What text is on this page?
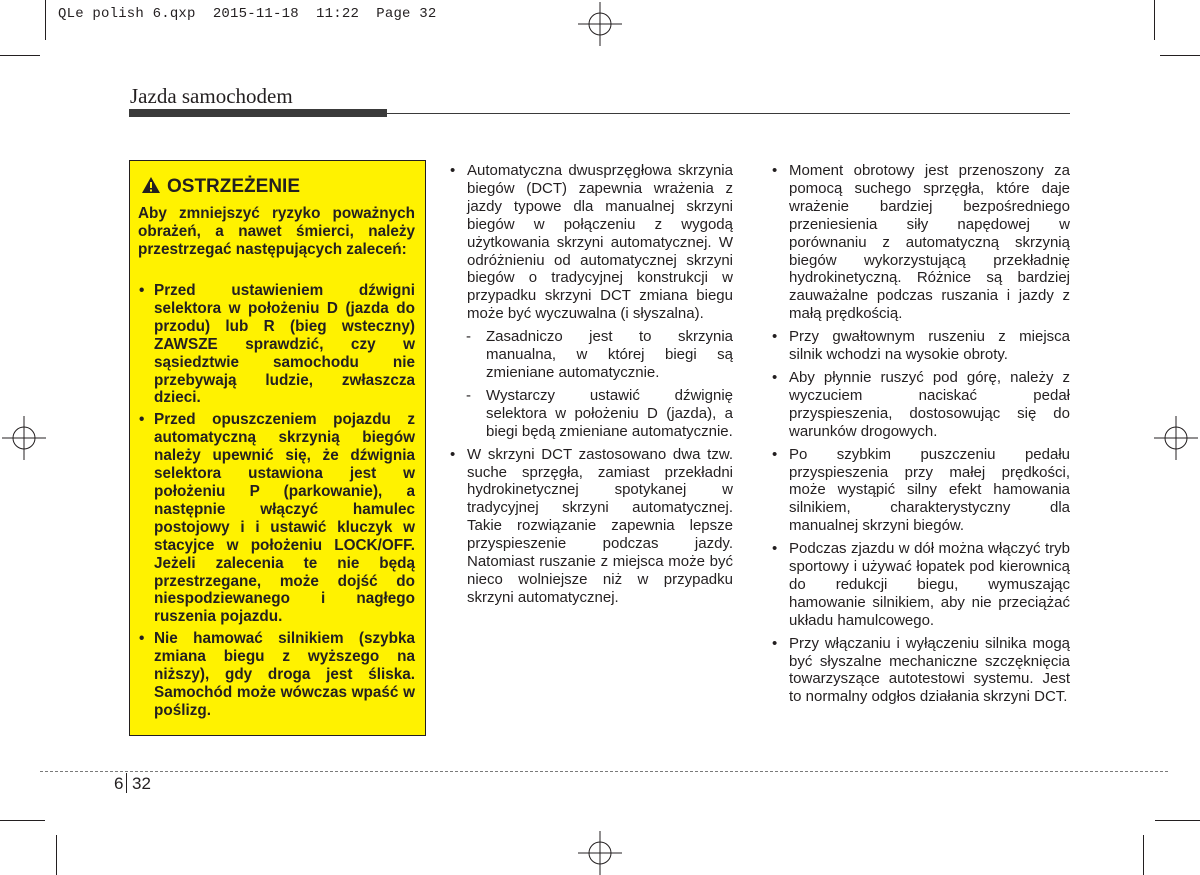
QLe polish 6.qxp  2015-11-18  11:22  Page 32
Jazda samochodem
OSTRZEŻENIE
Aby zmniejszyć ryzyko poważnych obrażeń, a nawet śmierci, należy przestrzegać następujących zaleceń:
• Przed ustawieniem dźwigni selektora w położeniu D (jazda do przodu) lub R (bieg wsteczny) ZAWSZE sprawdzić, czy w sąsiedztwie samochodu nie przebywają ludzie, zwłaszcza dzieci.
• Przed opuszczeniem pojazdu z automatyczną skrzynią biegów należy upewnić się, że dźwignia selektora ustawiona jest w położeniu P (parkowanie), a następnie włączyć hamulec postojowy i i ustawić kluczyk w stacyjce w położeniu LOCK/OFF. Jeżeli zalecenia te nie będą przestrzegane, może dojść do niespodziewanego i nagłego ruszenia pojazdu.
• Nie hamować silnikiem (szybka zmiana biegu z wyższego na niższy), gdy droga jest śliska. Samochód może wówczas wpaść w poślizg.
• Automatyczna dwusprzęgłowa skrzynia biegów (DCT) zapewnia wrażenia z jazdy typowe dla manualnej skrzyni biegów w połączeniu z wygodą użytkowania skrzyni automatycznej. W odróżnieniu od automatycznej skrzyni biegów o tradycyjnej konstrukcji w przypadku skrzyni DCT zmiana biegu może być wyczuwalna (i słyszalna).
- Zasadniczo jest to skrzynia manualna, w której biegi są zmieniane automatycznie.
- Wystarczy ustawić dźwignię selektora w położeniu D (jazda), a biegi będą zmieniane automatycznie.
• W skrzyni DCT zastosowano dwa tzw. suche sprzęgła, zamiast przekładni hydrokinetycznej spotykanej w tradycyjnej skrzyni automatycznej. Takie rozwiązanie zapewnia lepsze przyspieszenie podczas jazdy. Natomiast ruszanie z miejsca może być nieco wolniejsze niż w przypadku skrzyni automatycznej.
• Moment obrotowy jest przenoszony za pomocą suchego sprzęgła, które daje wrażenie bardziej bezpośredniego przeniesienia siły napędowej w porównaniu z automatyczną skrzynią biegów wykorzystującą przekładnię hydrokinetyczną. Różnice są bardziej zauważalne podczas ruszania i jazdy z małą prędkością.
• Przy gwałtownym ruszeniu z miejsca silnik wchodzi na wysokie obroty.
• Aby płynnie ruszyć pod górę, należy z wyczuciem naciskać pedał przyspieszenia, dostosowując się do warunków drogowych.
• Po szybkim puszczeniu pedału przyspieszenia przy małej prędkości, może wystąpić silny efekt hamowania silnikiem, charakterystyczny dla manualnej skrzyni biegów.
• Podczas zjazdu w dół można włączyć tryb sportowy i używać łopatek pod kierownicą do redukcji biegu, wymuszając hamowanie silnikiem, aby nie przeciążać układu hamulcowego.
• Przy włączaniu i wyłączeniu silnika mogą być słyszalne mechaniczne szczęknięcia towarzyszące autotestowi systemu. Jest to normalny odgłos działania skrzyni DCT.
6 32
